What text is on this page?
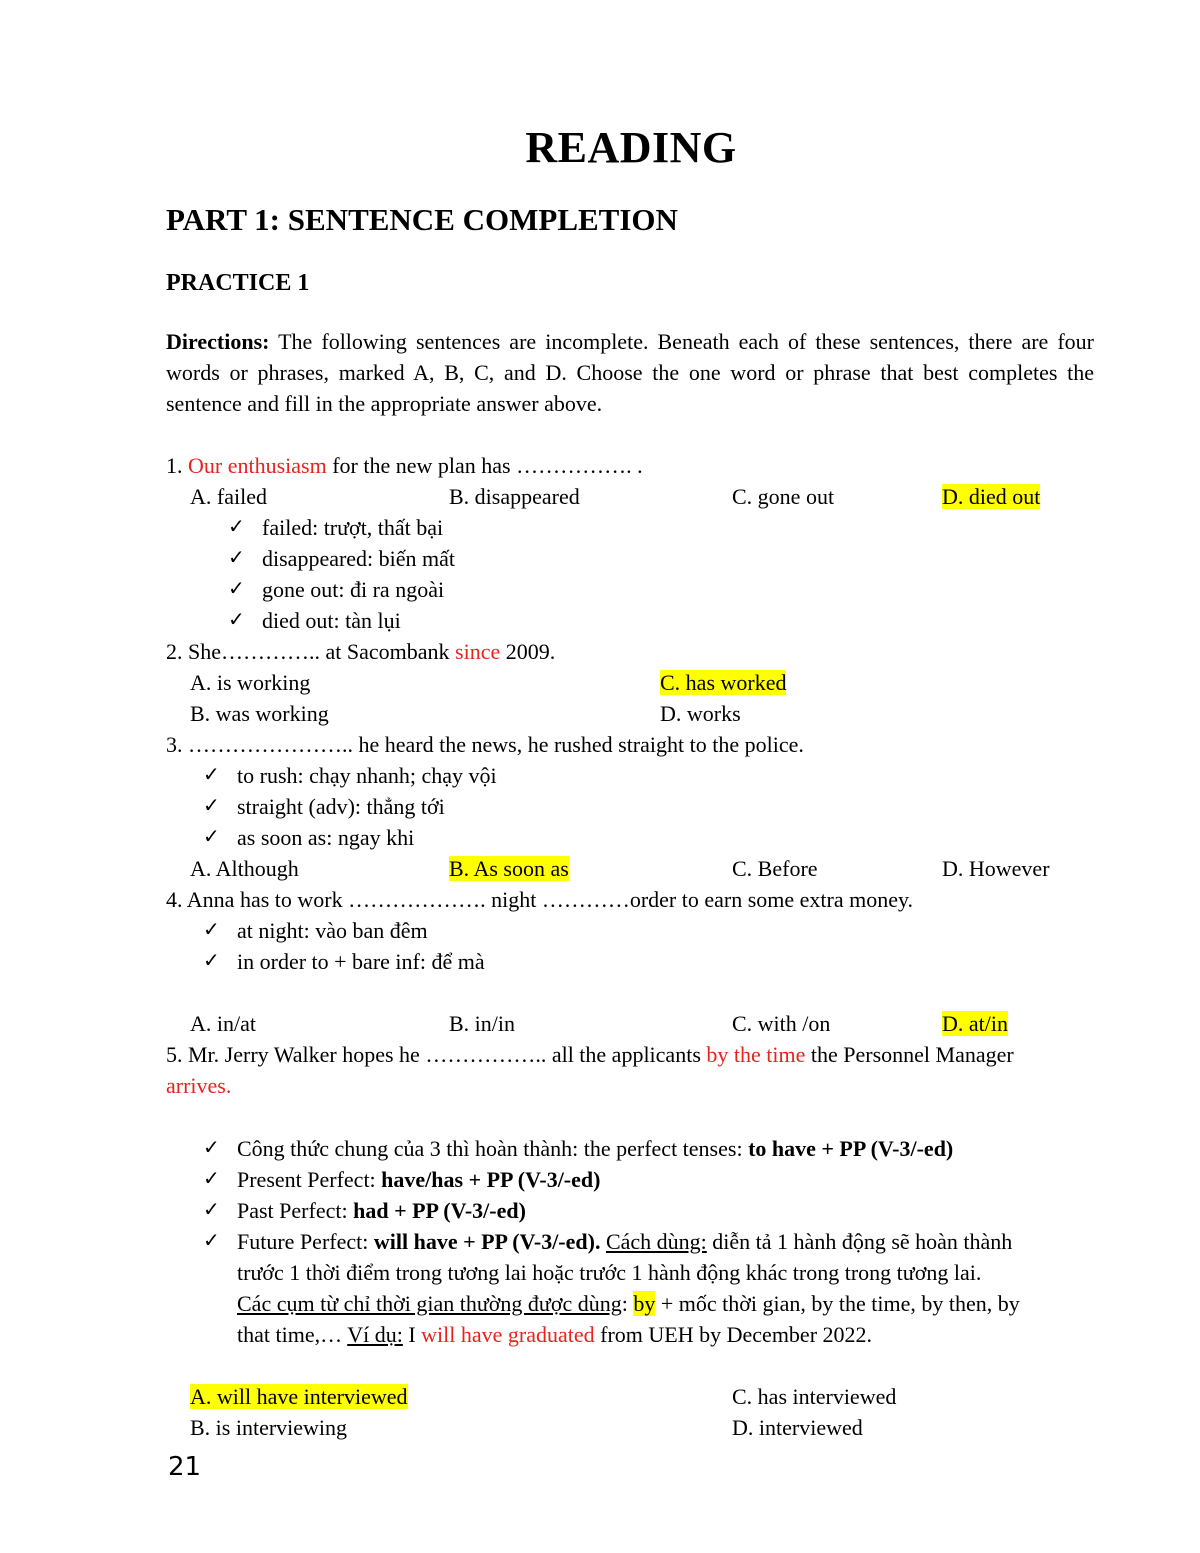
READING
PART 1: SENTENCE COMPLETION
PRACTICE 1
Directions: The following sentences are incomplete. Beneath each of these sentences, there are four words or phrases, marked A, B, C, and D. Choose the one word or phrase that best completes the sentence and fill in the appropriate answer above.
1. Our enthusiasm for the new plan has ……………. .
A. failed	B. disappeared	C. gone out	D. died out
✓ failed: trượt, thất bại
✓ disappeared: biến mất
✓ gone out: đi ra ngoài
✓ died out: tàn lụi
2. She………….. at Sacombank since 2009.
A. is working	C. has worked
B. was working	D. works
3. ………………….. he heard the news, he rushed straight to the police.
✓ to rush: chạy nhanh; chạy vội
✓ straight (adv): thẳng tới
✓ as soon as: ngay khi
A. Although	B. As soon as	C. Before	D. However
4. Anna has to work ………………. night …………order to earn some extra money.
✓ at night: vào ban đêm
✓ in order to + bare inf: để mà
A. in/at	B. in/in	C. with /on	D. at/in
5. Mr. Jerry Walker hopes he …………….. all the applicants by the time the Personnel Manager
arrives.
✓ Công thức chung của 3 thì hoàn thành: the perfect tenses: to have + PP (V-3/-ed)
✓ Present Perfect: have/has + PP (V-3/-ed)
✓ Past Perfect: had + PP (V-3/-ed)
✓ Future Perfect: will have + PP (V-3/-ed). Cách dùng: diễn tả 1 hành động sẽ hoàn thành
trước 1 thời điểm trong tương lai hoặc trước 1 hành động khác trong trong tương lai.
Các cụm từ chỉ thời gian thường được dùng: by + mốc thời gian, by the time, by then, by
that time,… Ví dụ: I will have graduated from UEH by December 2022.
A. will have interviewed	C. has interviewed
B. is interviewing	D. interviewed
21
